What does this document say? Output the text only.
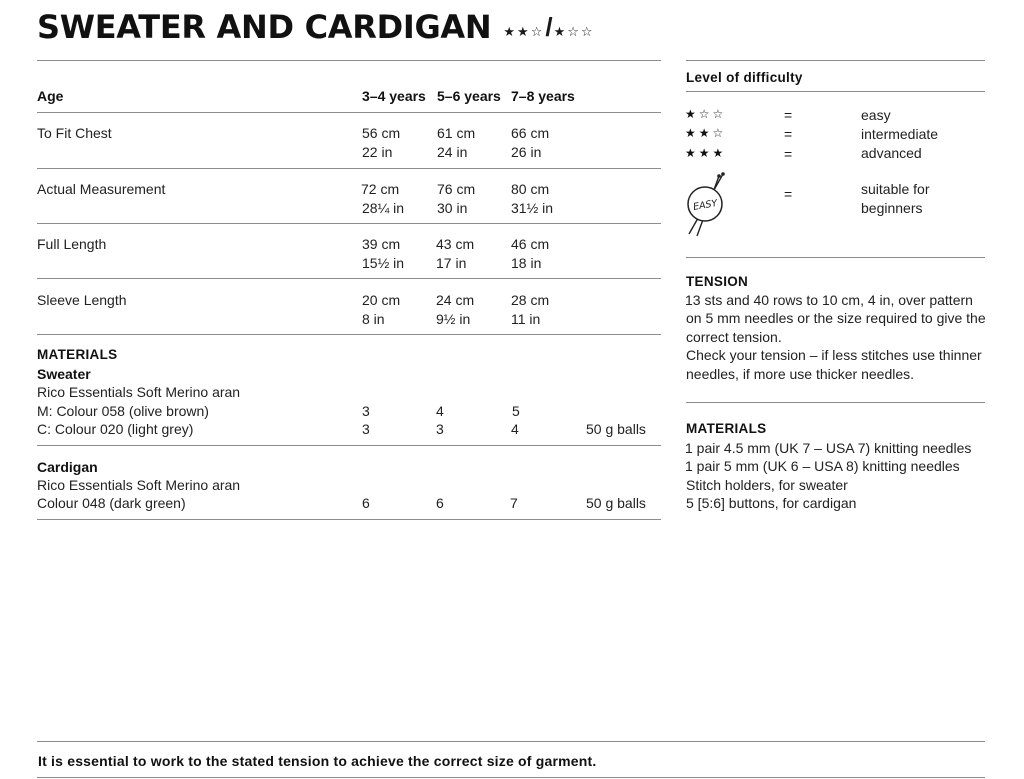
SWEATER AND CARDIGAN ★★☆/★☆☆
Age	3–4 years 5–6 years 7–8 years
To Fit Chest	56 cm	61 cm	66 cm
22 in	24 in	26 in
Actual Measurement	72 cm	76 cm	80 cm
28¼ in 30 in	31½ in
Full Length	39 cm	43 cm	46 cm
15½ in 17 in	18 in
Sleeve Length	20 cm	24 cm	28 cm
8 in	9½ in	11 in
MATERIALS
Sweater
Rico Essentials Soft Merino aran
M: Colour 058 (olive brown)	3	4	5
C: Colour 020 (light grey)	3	3	4	50 g balls
Cardigan
Rico Essentials Soft Merino aran
Colour 048 (dark green)	6	6	7	50 g balls
Level of difficulty
★☆☆	=	easy
★★☆	=	intermediate
★★★	=	advanced
EASY
=	suitable for
beginners
TENSION
13 sts and 40 rows to 10 cm, 4 in, over pattern
on 5 mm needles or the size required to give the
correct tension.
Check your tension – if less stitches use thinner
needles, if more use thicker needles.
MATERIALS
1 pair 4.5 mm (UK 7 – USA 7) knitting needles
1 pair 5 mm (UK 6 – USA 8) knitting needles
Stitch holders, for sweater
5 [5:6] buttons, for cardigan
It is essential to work to the stated tension to achieve the correct size of garment.
